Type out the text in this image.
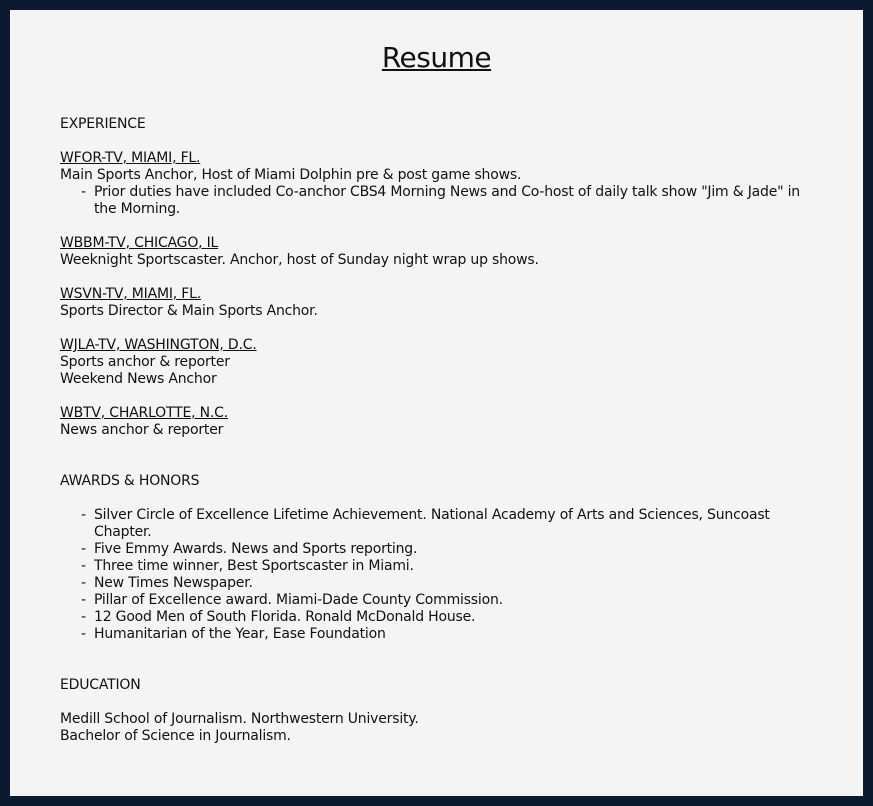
Resume

EXPERIENCE

WFOR-TV, MIAMI, FL.

Main Sports Anchor, Host of Miami Dolphin pre & post game shows.

- Prior duties have included Co-anchor CBS4 Morning News and Co-host of daily talk show "Jim & Jade" in the Morning.

WBBM-TV, CHICAGO, IL

Weeknight Sportscaster. Anchor, host of Sunday night wrap up shows.

WSVN-TV, MIAMI, FL.

Sports Director & Main Sports Anchor.

WJLA-TV, WASHINGTON, D.C.

Sports anchor & reporter

Weekend News Anchor

WBTV, CHARLOTTE, N.C.

News anchor & reporter

AWARDS & HONORS

- Silver Circle of Excellence Lifetime Achievement. National Academy of Arts and Sciences, Suncoast Chapter.
- Five Emmy Awards. News and Sports reporting.
- Three time winner, Best Sportscaster in Miami.
- New Times Newspaper.
- Pillar of Excellence award. Miami-Dade County Commission.
- 12 Good Men of South Florida. Ronald McDonald House.
- Humanitarian of the Year, Ease Foundation

EDUCATION

Medill School of Journalism. Northwestern University.

Bachelor of Science in Journalism.
